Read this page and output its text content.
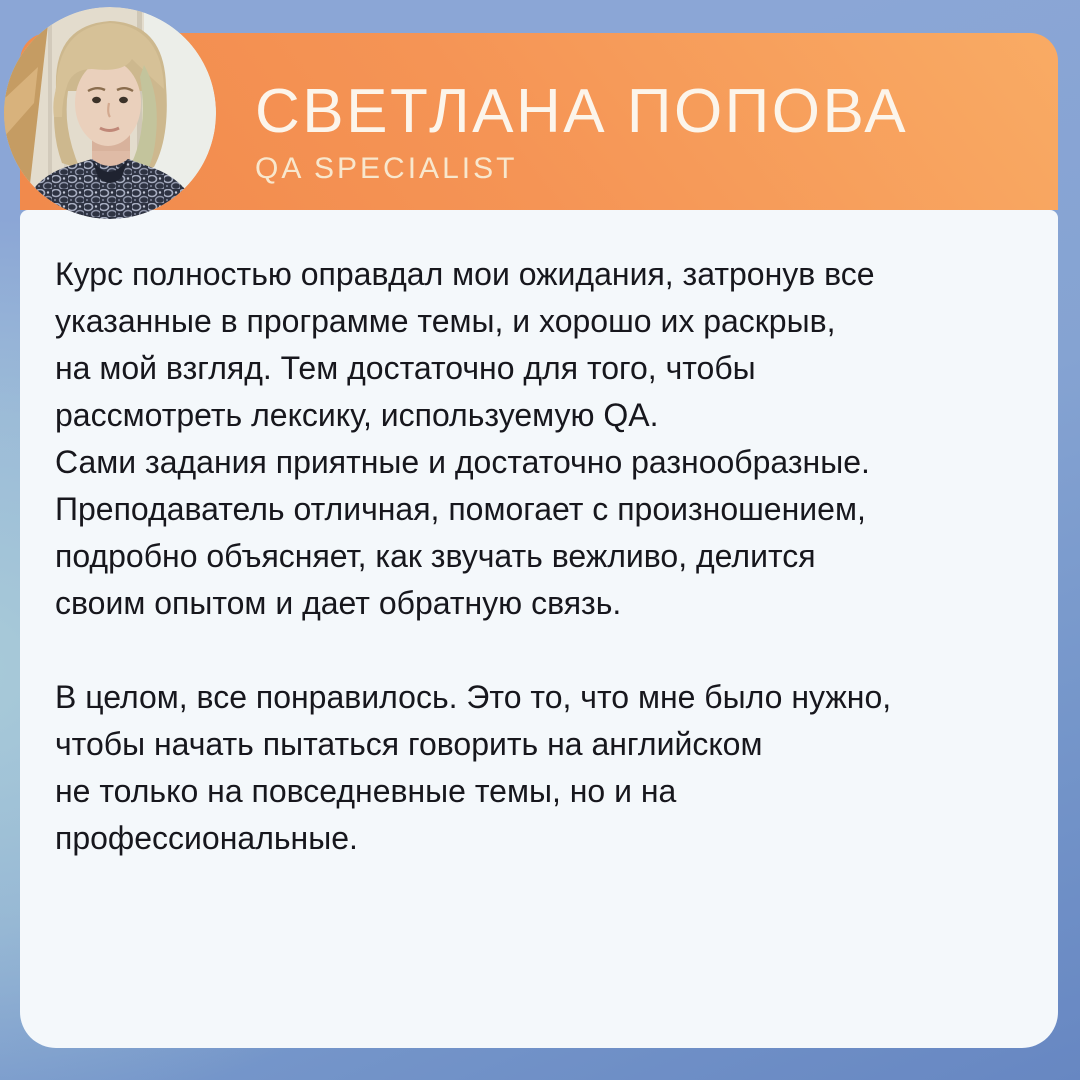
СВЕТЛАНА ПОПОВА
QA SPECIALIST
Курс полностью оправдал мои ожидания, затронув все
указанные в программе темы, и хорошо их раскрыв,
на мой взгляд. Тем достаточно для того, чтобы
рассмотреть лексику, используемую QA.
Сами задания приятные и достаточно разнообразные.
Преподаватель отличная, помогает с произношением,
подробно объясняет, как звучать вежливо, делится
своим опытом и дает обратную связь.
В целом, все понравилось. Это то, что мне было нужно,
чтобы начать пытаться говорить на английском
не только на повседневные темы, но и на
профессиональные.
